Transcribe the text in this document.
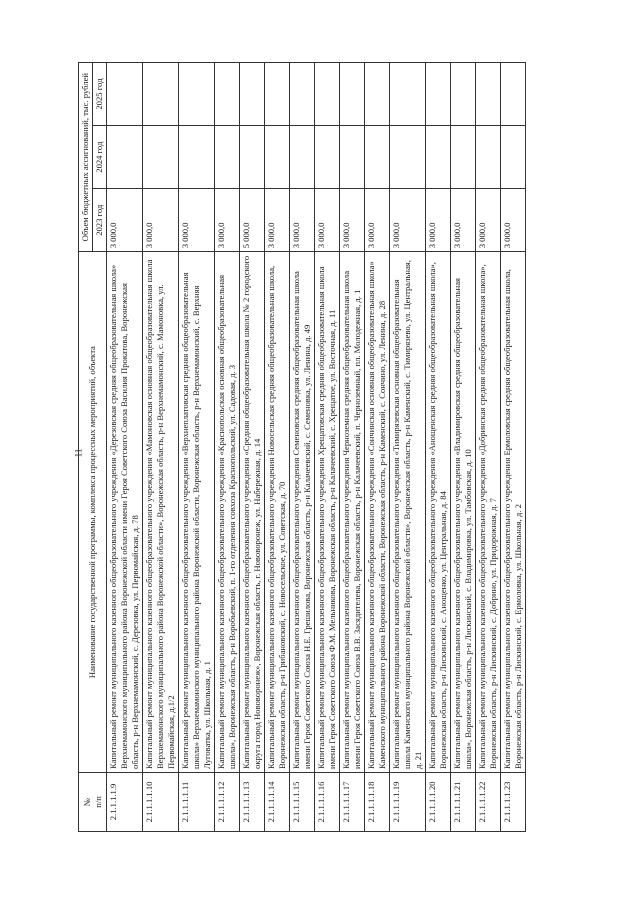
11
№
п/п	Наименование государственной программы, комплекса процессных мероприятий, объекта	Объем бюджетных ассигнований, тыс. рублей		
		2023 год	2024 год	2025 год
2.1.1.1.1.9	Капитальный ремонт муниципального казенного общеобразовательного учреждения «Дерезовская средняя общеобразовательная школа» Верхнемамонского муниципального района Воронежской области имени Героя Советского Союза Василия Прокатова, Воронежская область, р-н Верхнемамонский, с. Дерезовка, ул. Первомайская, д. 78	3 000,0		
2.1.1.1.1.10	Капитальный ремонт муниципального казенного общеобразовательного учреждения «Мамоновская основная общеобразовательная школа Верхнемамонского муниципального района Воронежской области», Воронежская область, р-н Верхнемамонский, с. Мамоновка, ул. Первомайская, д.1/2	3 000,0		
2.1.1.1.1.11	Капитальный ремонт муниципального казенного общеобразовательного учреждения «Верхнеплатовская средняя общеобразовательная школа» Верхнемамонского муниципального района Воронежской области, Воронежская область, р-н Верхнемамонский, с. Верхняя Луговатка, ул. Школьная, д. 1	3 000,0		
2.1.1.1.1.12	Капитальный ремонт муниципального казенного общеобразовательного учреждения «Краснопольская основная общеобразовательная школа», Воронежская область, р-н Воробьевский, п. 1-го отделения совхоза Краснопольский, ул. Садовая, д. 3	3 000,0		
2.1.1.1.1.13	Капитальный ремонт муниципального казенного общеобразовательного учреждения «Средняя общеобразовательная школа № 2 городского округа город Нововоронеж», Воронежская область, г. Нововоронеж, ул. Набережная, д. 14	5 000,0		
2.1.1.1.1.14	Капитальный ремонт муниципального казенного общеобразовательного учреждения Новосельская средняя общеобразовательная школа, Воронежская область, р-н Грибановский, с. Новосельское, ул. Советская, д. 70	3 000,0		
2.1.1.1.1.15	Капитальный ремонт муниципального казенного общеобразовательного учреждения Семеновская средняя общеобразовательная школа имени Героя Советского Союза Н.Е. Грешилова, Воронежская область, р-н Калачеевский, с. Семеновка, ул. Ленина, д. 49	3 000,0		
2.1.1.1.1.16	Капитальный ремонт муниципального казенного общеобразовательного учреждения Хрещатовская средняя общеобразовательная школа имени Героя Советского Союза Ф.М. Мельникова, Воронежская область, р-н Калачеевский, с. Хрещатое, ул. Восточная, д. 11	3 000,0		
2.1.1.1.1.17	Капитальный ремонт муниципального казенного общеобразовательного учреждения Черноземная средняя общеобразовательная школа имени Героя Советского Союза В.В. Засядителева, Воронежская область, р-н Калачеевский, п. Черноземный, пл. Молодежная, д. 1	3 000,0		
2.1.1.1.1.18	Капитальный ремонт муниципального казенного общеобразовательного учреждения «Сончинская основная общеобразовательная школа» Каменского муниципального района Воронежской области, Воронежская область, р-н Каменский, с. Сончино, ул. Ленина, д. 28	3 000,0		
2.1.1.1.1.19	Капитальный ремонт муниципального казенного общеобразовательного учреждения «Тимирязевская основная общеобразовательная школа Каменского муниципального района Воронежской области», Воронежская область, р-н Каменский, с. Тимирязево, ул. Центральная, д. 21	3 000,0		
2.1.1.1.1.20	Капитальный ремонт муниципального казенного общеобразовательного учреждения «Анощенская средняя общеобразовательная школа», Воронежская область, р-н Лискинский, с. Анощенко, ул. Центральная, д. 84	3 000,0		
2.1.1.1.1.21	Капитальный ремонт муниципального казенного общеобразовательного учреждения «Владимировская средняя общеобразовательная школа», Воронежская область, р-н Лискинский, с. Владимировка, ул. Тамбовская, д. 10	3 000,0		
2.1.1.1.1.22	Капитальный ремонт муниципального казенного общеобразовательного учреждения «Добринская средняя общеобразовательная школа», Воронежская область, р-н Лискинский, с. Добрино, ул. Придорожная, д. 7	3 000,0		
2.1.1.1.1.23	Капитальный ремонт муниципального казенного общеобразовательного учреждения Ермоловская средняя общеобразовательная школа, Воронежская область, р-н Лискинский, с. Ермоловка, ул. Школьная, д. 2	3 000,0		
